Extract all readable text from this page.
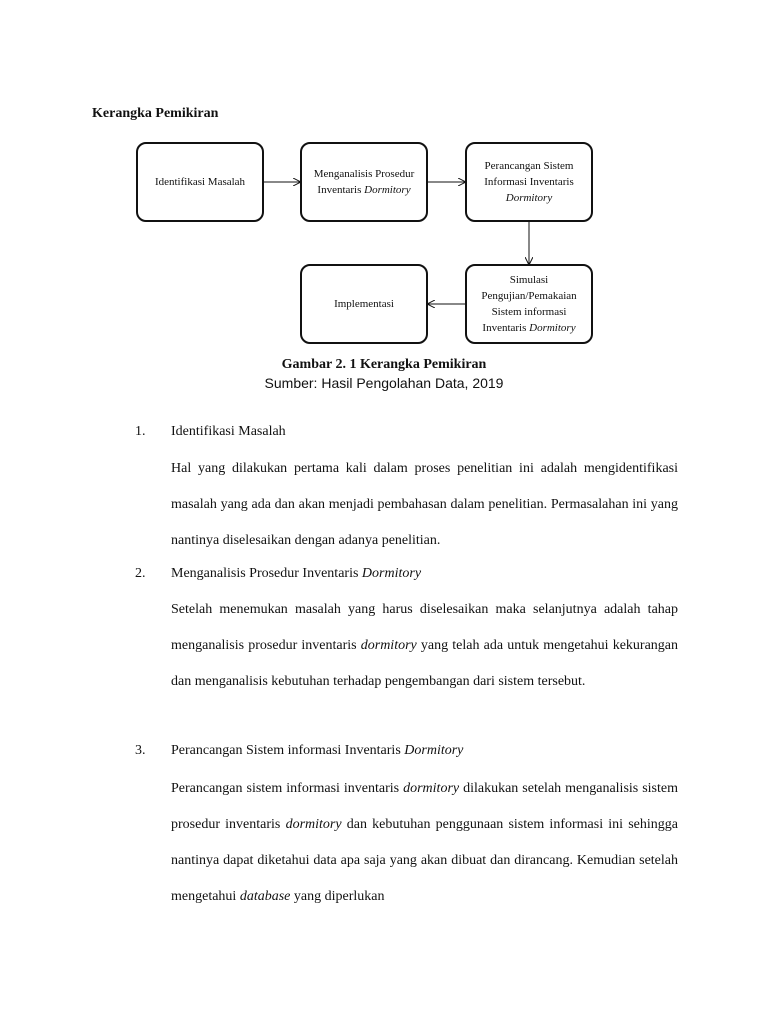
Kerangka Pemikiran
Identifikasi Masalah
Menganalisis Prosedur Inventaris Dormitory
Perancangan Sistem Informasi Inventaris Dormitory
Simulasi Pengujian/Pemakaian Sistem informasi Inventaris Dormitory
Implementasi

Gambar 2. 1 Kerangka Pemikiran

Sumber: Hasil Pengolahan Data, 2019

1. Identifikasi Masalah
Hal yang dilakukan pertama kali dalam proses penelitian ini adalah mengidentifikasi masalah yang ada dan akan menjadi pembahasan dalam penelitian. Permasalahan ini yang nantinya diselesaikan dengan adanya penelitian.
2. Menganalisis Prosedur Inventaris Dormitory
Setelah menemukan masalah yang harus diselesaikan maka selanjutnya adalah tahap menganalisis prosedur inventaris dormitory yang telah ada untuk mengetahui kekurangan dan menganalisis kebutuhan terhadap pengembangan dari sistem tersebut.
3. Perancangan Sistem informasi Inventaris Dormitory
Perancangan sistem informasi inventaris dormitory dilakukan setelah menganalisis sistem prosedur inventaris dormitory dan kebutuhan penggunaan sistem informasi ini sehingga nantinya dapat diketahui data apa saja yang akan dibuat dan dirancang. Kemudian setelah mengetahui database yang diperlukan
